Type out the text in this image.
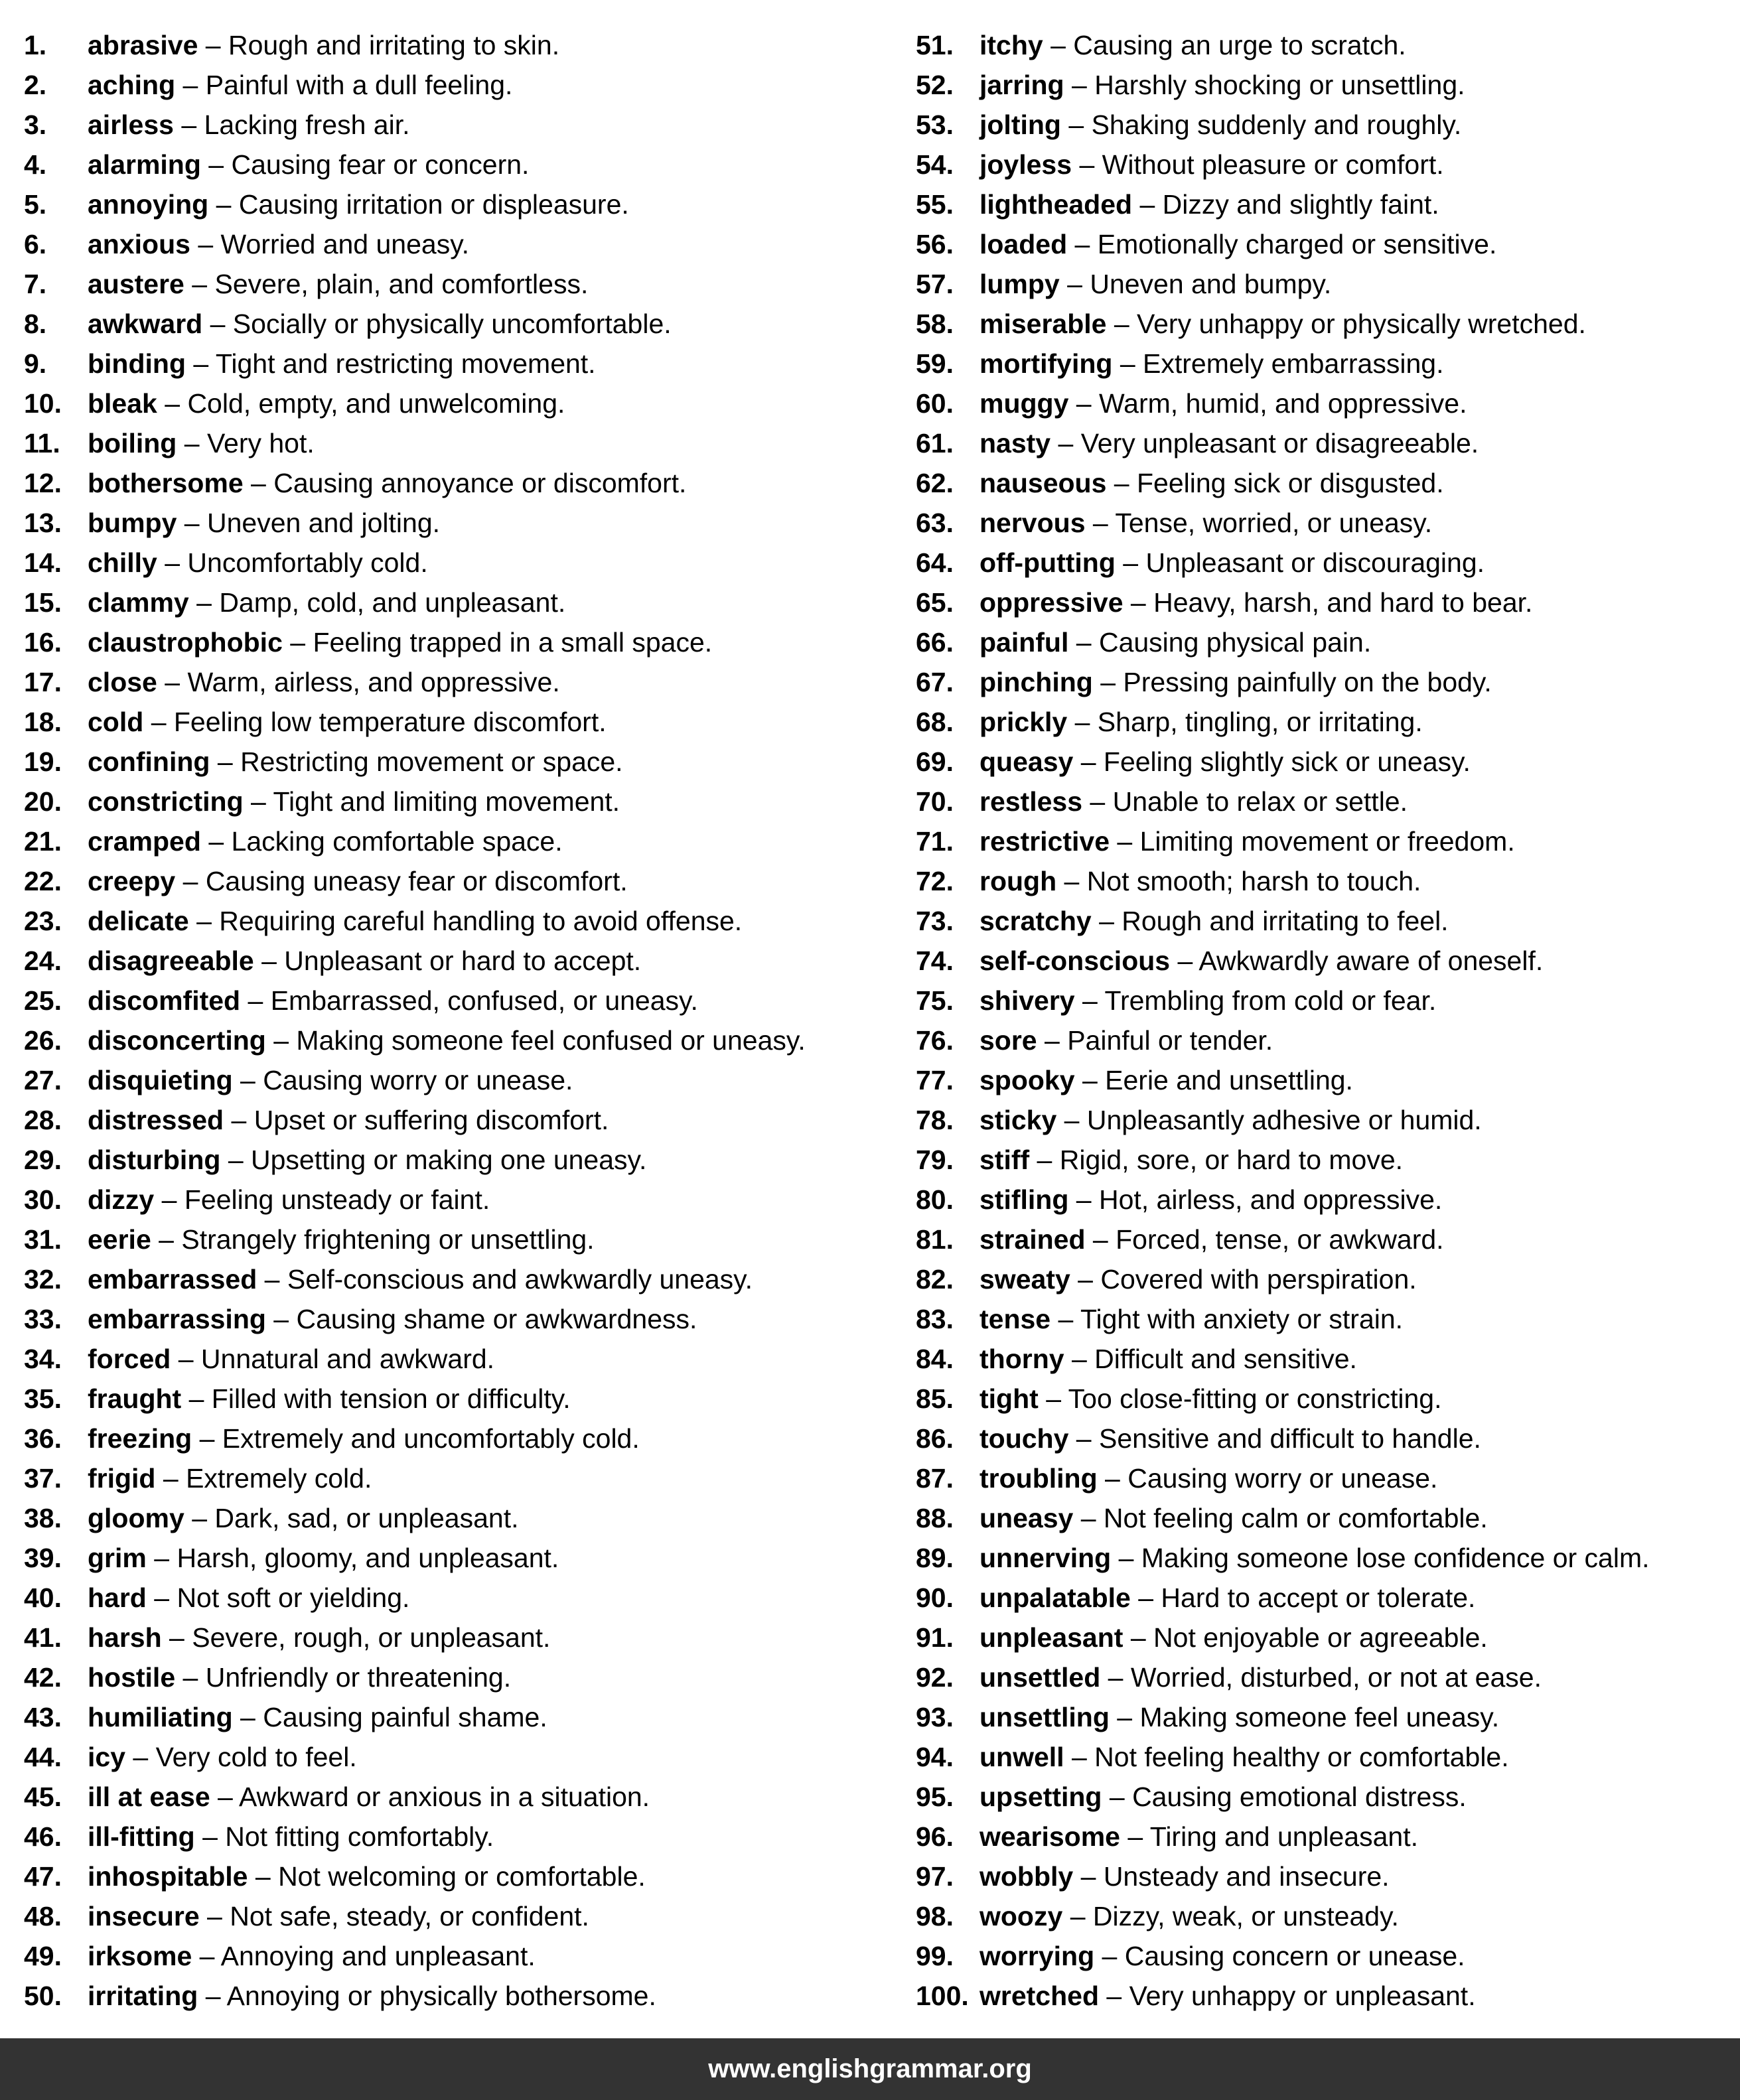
1. abrasive – Rough and irritating to skin.
2. aching – Painful with a dull feeling.
3. airless – Lacking fresh air.
4. alarming – Causing fear or concern.
5. annoying – Causing irritation or displeasure.
6. anxious – Worried and uneasy.
7. austere – Severe, plain, and comfortless.
8. awkward – Socially or physically uncomfortable.
9. binding – Tight and restricting movement.
10. bleak – Cold, empty, and unwelcoming.
11. boiling – Very hot.
12. bothersome – Causing annoyance or discomfort.
13. bumpy – Uneven and jolting.
14. chilly – Uncomfortably cold.
15. clammy – Damp, cold, and unpleasant.
16. claustrophobic – Feeling trapped in a small space.
17. close – Warm, airless, and oppressive.
18. cold – Feeling low temperature discomfort.
19. confining – Restricting movement or space.
20. constricting – Tight and limiting movement.
21. cramped – Lacking comfortable space.
22. creepy – Causing uneasy fear or discomfort.
23. delicate – Requiring careful handling to avoid offense.
24. disagreeable – Unpleasant or hard to accept.
25. discomfited – Embarrassed, confused, or uneasy.
26. disconcerting – Making someone feel confused or uneasy.
27. disquieting – Causing worry or unease.
28. distressed – Upset or suffering discomfort.
29. disturbing – Upsetting or making one uneasy.
30. dizzy – Feeling unsteady or faint.
31. eerie – Strangely frightening or unsettling.
32. embarrassed – Self-conscious and awkwardly uneasy.
33. embarrassing – Causing shame or awkwardness.
34. forced – Unnatural and awkward.
35. fraught – Filled with tension or difficulty.
36. freezing – Extremely and uncomfortably cold.
37. frigid – Extremely cold.
38. gloomy – Dark, sad, or unpleasant.
39. grim – Harsh, gloomy, and unpleasant.
40. hard – Not soft or yielding.
41. harsh – Severe, rough, or unpleasant.
42. hostile – Unfriendly or threatening.
43. humiliating – Causing painful shame.
44. icy – Very cold to feel.
45. ill at ease – Awkward or anxious in a situation.
46. ill-fitting – Not fitting comfortably.
47. inhospitable – Not welcoming or comfortable.
48. insecure – Not safe, steady, or confident.
49. irksome – Annoying and unpleasant.
50. irritating – Annoying or physically bothersome.
51. itchy – Causing an urge to scratch.
52. jarring – Harshly shocking or unsettling.
53. jolting – Shaking suddenly and roughly.
54. joyless – Without pleasure or comfort.
55. lightheaded – Dizzy and slightly faint.
56. loaded – Emotionally charged or sensitive.
57. lumpy – Uneven and bumpy.
58. miserable – Very unhappy or physically wretched.
59. mortifying – Extremely embarrassing.
60. muggy – Warm, humid, and oppressive.
61. nasty – Very unpleasant or disagreeable.
62. nauseous – Feeling sick or disgusted.
63. nervous – Tense, worried, or uneasy.
64. off-putting – Unpleasant or discouraging.
65. oppressive – Heavy, harsh, and hard to bear.
66. painful – Causing physical pain.
67. pinching – Pressing painfully on the body.
68. prickly – Sharp, tingling, or irritating.
69. queasy – Feeling slightly sick or uneasy.
70. restless – Unable to relax or settle.
71. restrictive – Limiting movement or freedom.
72. rough – Not smooth; harsh to touch.
73. scratchy – Rough and irritating to feel.
74. self-conscious – Awkwardly aware of oneself.
75. shivery – Trembling from cold or fear.
76. sore – Painful or tender.
77. spooky – Eerie and unsettling.
78. sticky – Unpleasantly adhesive or humid.
79. stiff – Rigid, sore, or hard to move.
80. stifling – Hot, airless, and oppressive.
81. strained – Forced, tense, or awkward.
82. sweaty – Covered with perspiration.
83. tense – Tight with anxiety or strain.
84. thorny – Difficult and sensitive.
85. tight – Too close-fitting or constricting.
86. touchy – Sensitive and difficult to handle.
87. troubling – Causing worry or unease.
88. uneasy – Not feeling calm or comfortable.
89. unnerving – Making someone lose confidence or calm.
90. unpalatable – Hard to accept or tolerate.
91. unpleasant – Not enjoyable or agreeable.
92. unsettled – Worried, disturbed, or not at ease.
93. unsettling – Making someone feel uneasy.
94. unwell – Not feeling healthy or comfortable.
95. upsetting – Causing emotional distress.
96. wearisome – Tiring and unpleasant.
97. wobbly – Unsteady and insecure.
98. woozy – Dizzy, weak, or unsteady.
99. worrying – Causing concern or unease.
100. wretched – Very unhappy or unpleasant.
www.englishgrammar.org
